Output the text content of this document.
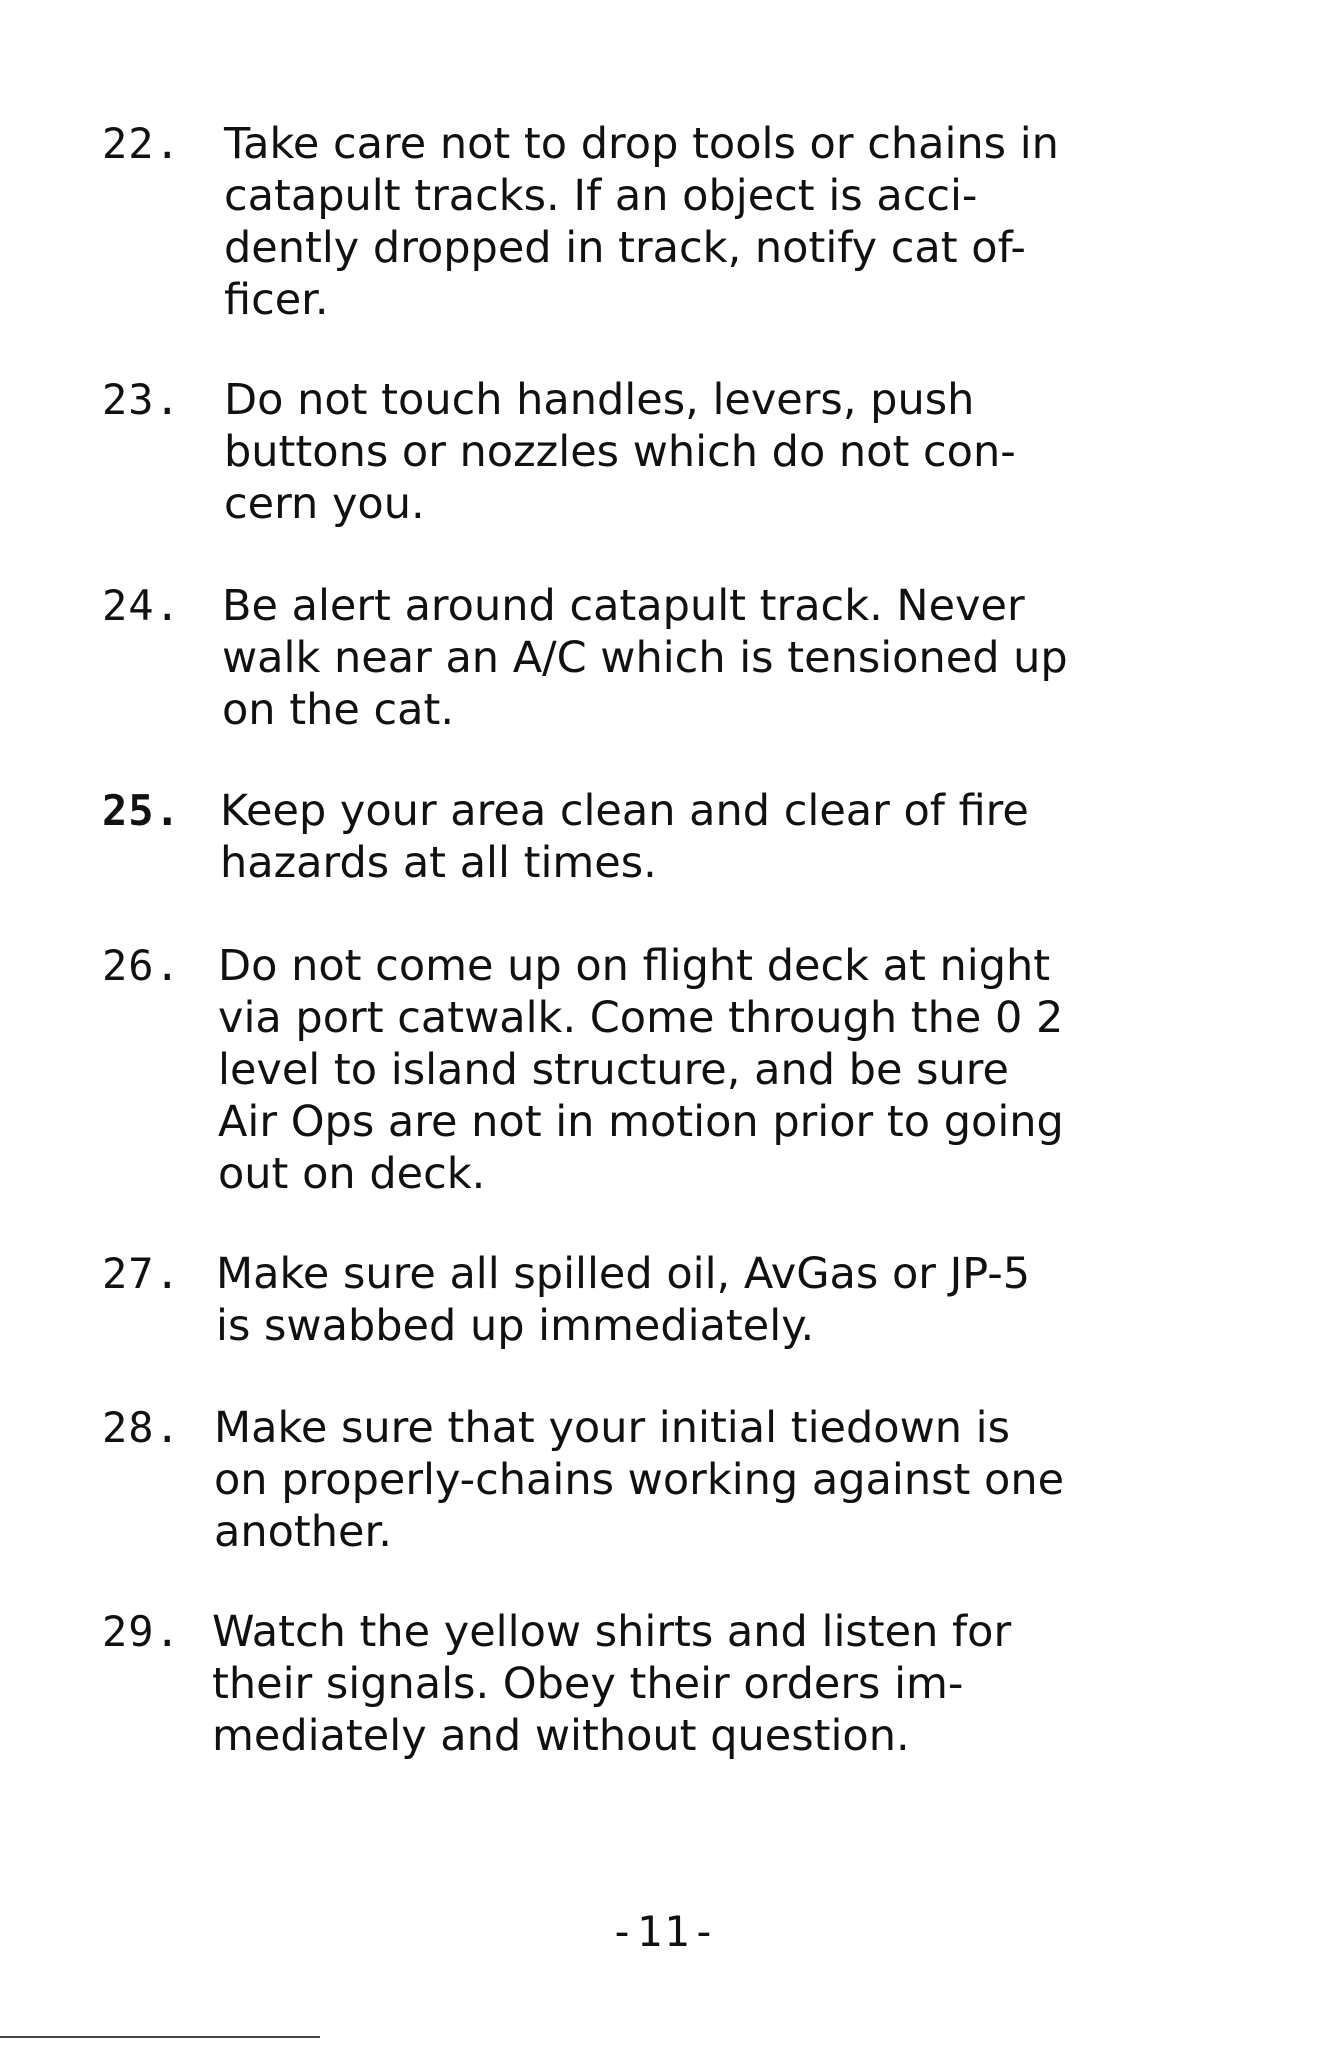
22. Take care not to drop tools or chains in
catapult tracks. If an object is acci-
dently dropped in track, notify cat of-
ficer.
23. Do not touch handles, levers, push
buttons or nozzles which do not con-
cern you.
24. Be alert around catapult track. Never
walk near an A/C which is tensioned up
on the cat.
25. Keep your area clean and clear of fire
hazards at all times.
26. Do not come up on flight deck at night
via port catwalk. Come through the 0 2
level to island structure, and be sure
Air Ops are not in motion prior to going
out on deck.
27. Make sure all spilled oil, AvGas or JP-5
is swabbed up immediately.
28. Make sure that your initial tiedown is
on properly-chains working against one
another.
29. Watch the yellow shirts and listen for
their signals. Obey their orders im-
mediately and without question.
-11-
